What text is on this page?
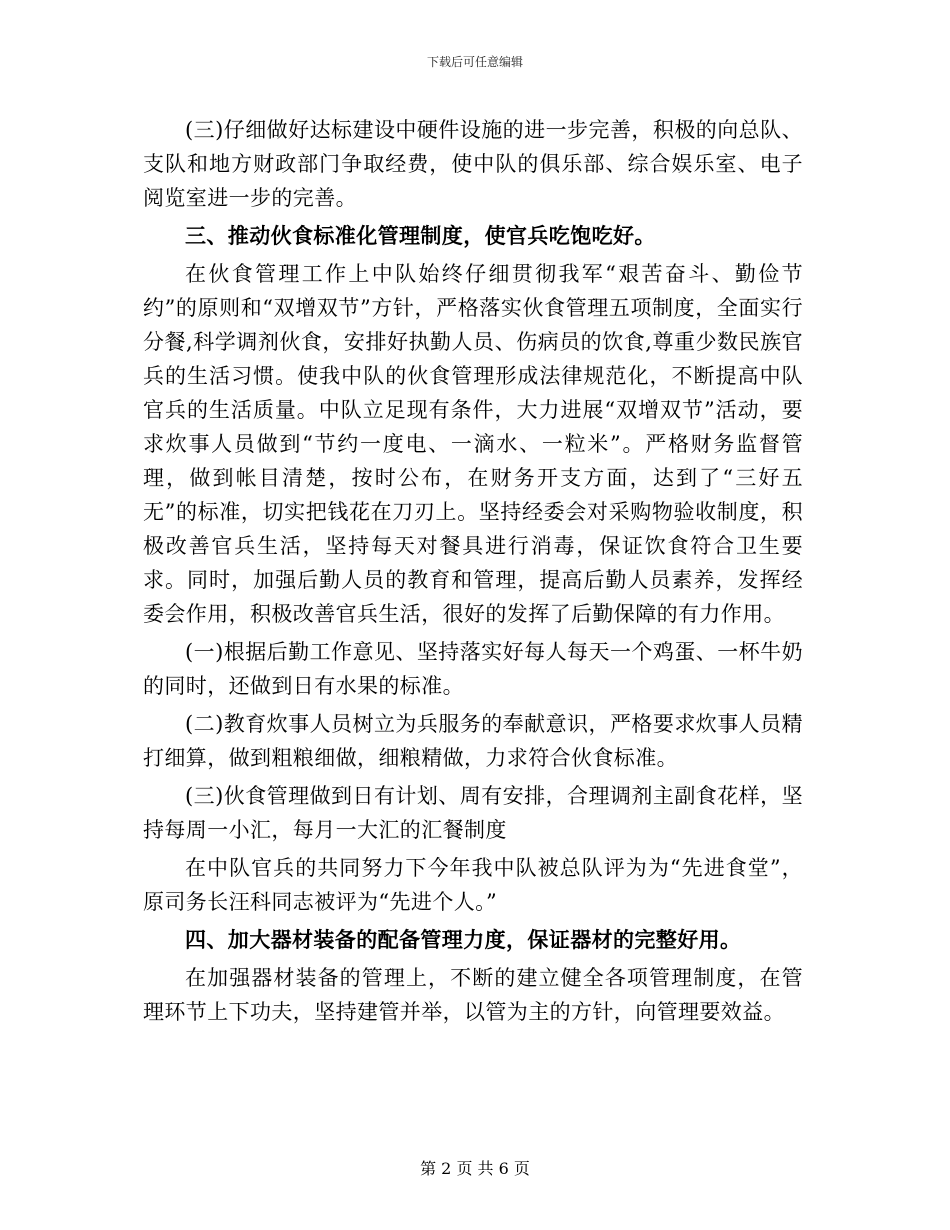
下载后可任意编辑

(三)仔细做好达标建设中硬件设施的进一步完善，积极的向总队、支队和地方财政部门争取经费，使中队的俱乐部、综合娱乐室、电子阅览室进一步的完善。

三、推动伙食标准化管理制度，使官兵吃饱吃好。

在伙食管理工作上中队始终仔细贯彻我军“艰苦奋斗、勤俭节约”的原则和“双增双节”方针，严格落实伙食管理五项制度，全面实行分餐,科学调剂伙食，安排好执勤人员、伤病员的饮食,尊重少数民族官兵的生活习惯。使我中队的伙食管理形成法律规范化，不断提高中队官兵的生活质量。中队立足现有条件，大力进展“双增双节”活动，要求炊事人员做到“节约一度电、一滴水、一粒米”。严格财务监督管理，做到帐目清楚，按时公布，在财务开支方面，达到了“三好五无”的标准，切实把钱花在刀刃上。坚持经委会对采购物验收制度，积极改善官兵生活，坚持每天对餐具进行消毒，保证饮食符合卫生要求。同时，加强后勤人员的教育和管理，提高后勤人员素养，发挥经委会作用，积极改善官兵生活，很好的发挥了后勤保障的有力作用。

(一)根据后勤工作意见、坚持落实好每人每天一个鸡蛋、一杯牛奶的同时，还做到日有水果的标准。

(二)教育炊事人员树立为兵服务的奉献意识，严格要求炊事人员精打细算，做到粗粮细做，细粮精做，力求符合伙食标准。

(三)伙食管理做到日有计划、周有安排，合理调剂主副食花样，坚持每周一小汇，每月一大汇的汇餐制度

在中队官兵的共同努力下今年我中队被总队评为为“先进食堂”，原司务长汪科同志被评为“先进个人。”

四、加大器材装备的配备管理力度，保证器材的完整好用。

在加强器材装备的管理上，不断的建立健全各项管理制度，在管理环节上下功夫，坚持建管并举，以管为主的方针，向管理要效益。

第 2 页 共 6 页
